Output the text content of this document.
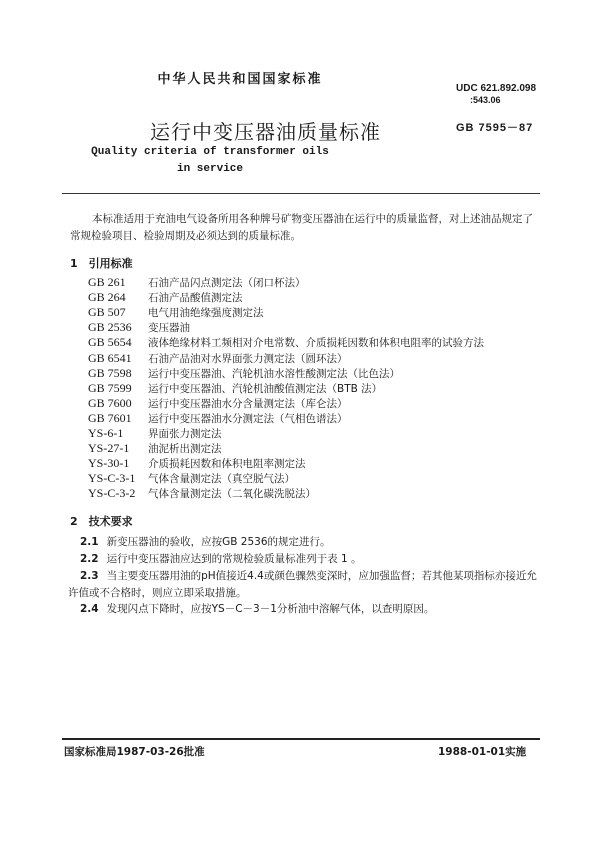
中华人民共和国国家标准
UDC 621.892.098
:543.06
运行中变压器油质量标准	GB 7595－87
Quality criteria of transformer oils
in service
本标准适用于充油电气设备所用各种牌号矿物变压器油在运行中的质量监督，对上述油品规定了
常规检验项目、检验周期及必须达到的质量标准。
1　引用标准
GB 261 石油产品闪点测定法（闭口杯法）
GB 264 石油产品酸值测定法
GB 507 电气用油绝缘强度测定法
GB 2536 变压器油
GB 5654 液体绝缘材料工频相对介电常数、介质损耗因数和体积电阻率的试验方法
GB 6541 石油产品油对水界面张力测定法（圆环法）
GB 7598 运行中变压器油、汽轮机油水溶性酸测定法（比色法）
GB 7599 运行中变压器油、汽轮机油酸值测定法（BTB 法）
GB 7600 运行中变压器油水分含量测定法（库仑法）
GB 7601 运行中变压器油水分测定法（气相色谱法）
YS-6-1 界面张力测定法
YS-27-1 油泥析出测定法
YS-30-1 介质损耗因数和体积电阻率测定法
YS-C-3-1 气体含量测定法（真空脱气法）
YS-C-3-2 气体含量测定法（二氧化碳洗脱法）
2　技术要求
2.1 新变压器油的验收，应按GB 2536的规定进行。
2.2 运行中变压器油应达到的常规检验质量标准列于表 1 。
2.3 当主要变压器用油的pH值接近4.4或颜色骤然变深时，应加强监督；若其他某项指标亦接近允
许值或不合格时，则应立即采取措施。
2.4 发现闪点下降时，应按YS－C－3－1分析油中溶解气体，以查明原因。
国家标准局1987-03-26批准	1988-01-01实施
